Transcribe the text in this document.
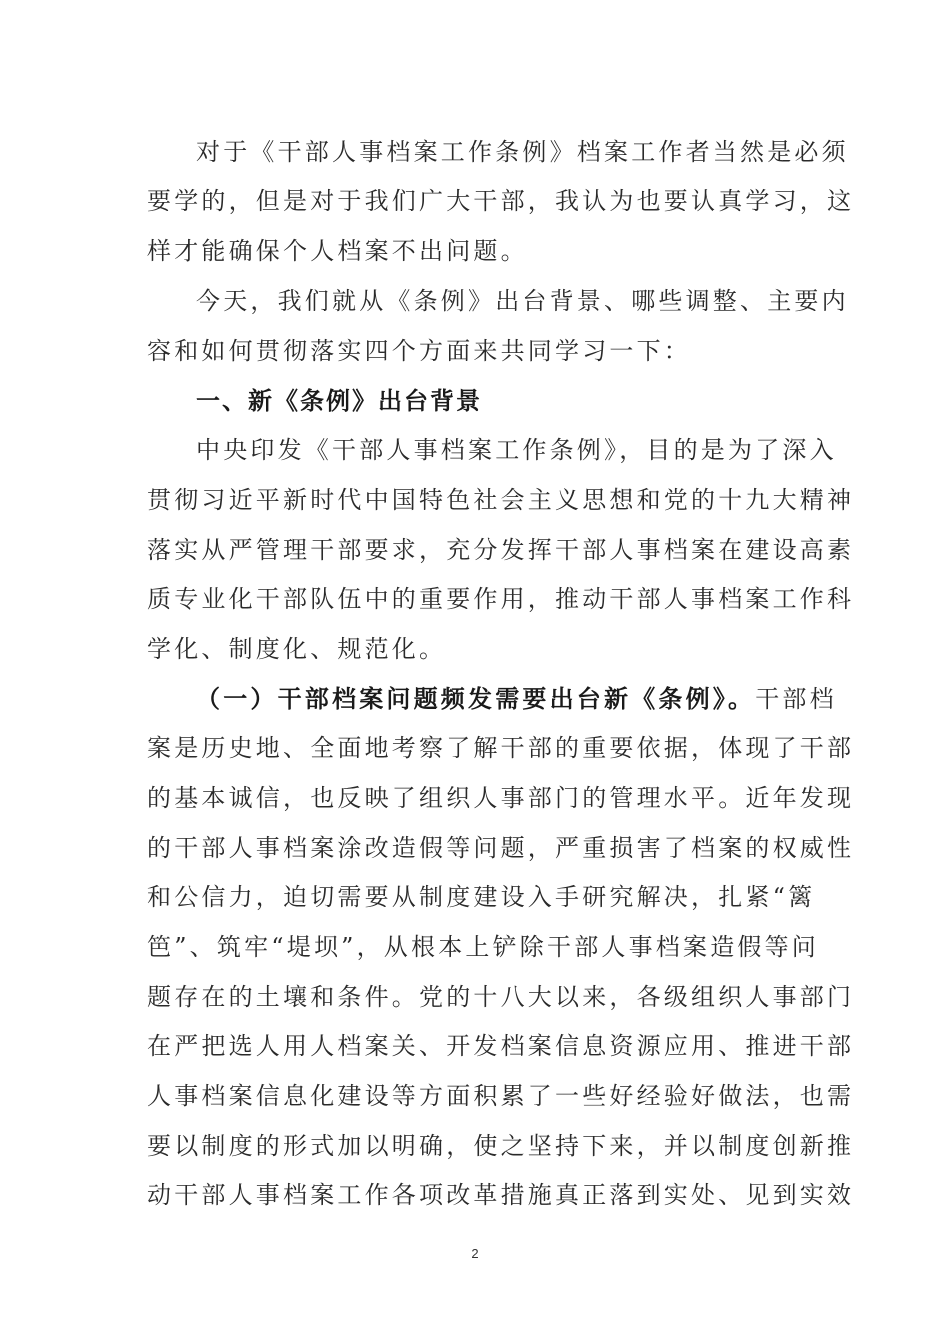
对于《干部人事档案工作条例》档案工作者当然是必须
要学的，但是对于我们广大干部，我认为也要认真学习，这
样才能确保个人档案不出问题。
今天，我们就从《条例》出台背景、哪些调整、主要内
容和如何贯彻落实四个方面来共同学习一下：
一、新《条例》出台背景
中央印发《干部人事档案工作条例》，目的是为了深入
贯彻习近平新时代中国特色社会主义思想和党的十九大精神
落实从严管理干部要求，充分发挥干部人事档案在建设高素
质专业化干部队伍中的重要作用，推动干部人事档案工作科
学化、制度化、规范化。
（一）干部档案问题频发需要出台新《条例》。干部档
案是历史地、全面地考察了解干部的重要依据，体现了干部
的基本诚信，也反映了组织人事部门的管理水平。近年发现
的干部人事档案涂改造假等问题，严重损害了档案的权威性
和公信力，迫切需要从制度建设入手研究解决，扎紧“篱
笆”、筑牢“堤坝”，从根本上铲除干部人事档案造假等问
题存在的土壤和条件。党的十八大以来，各级组织人事部门
在严把选人用人档案关、开发档案信息资源应用、推进干部
人事档案信息化建设等方面积累了一些好经验好做法，也需
要以制度的形式加以明确，使之坚持下来，并以制度创新推
动干部人事档案工作各项改革措施真正落到实处、见到实效
2
